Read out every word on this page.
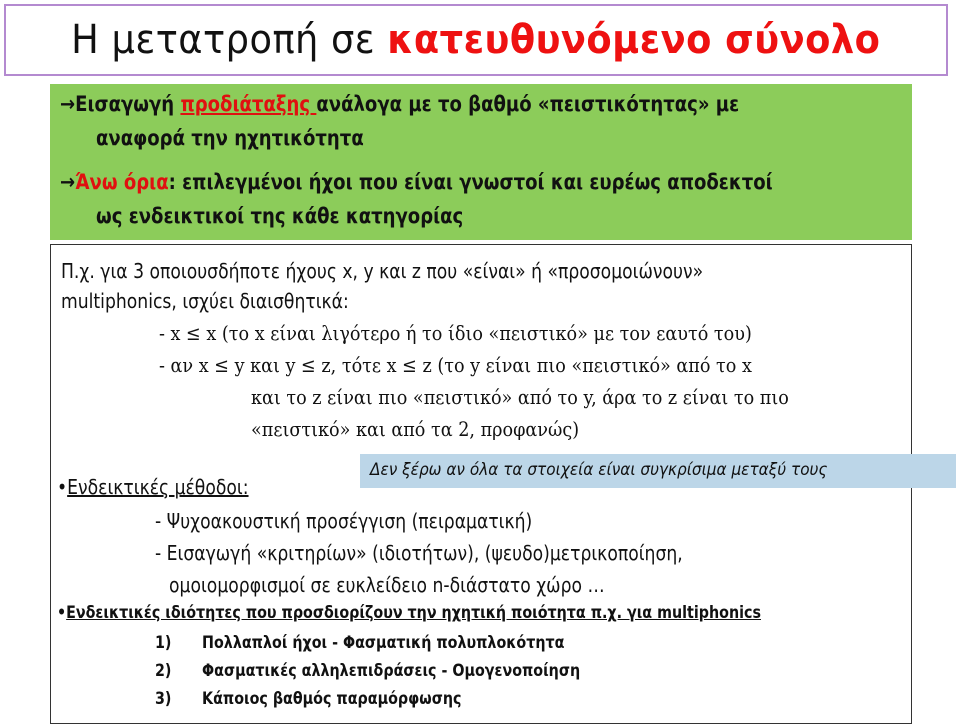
Η μετατροπή σε κατευθυνόμενο σύνολο
→Εισαγωγή προδιάταξης ανάλογα με το βαθμό «πειστικότητας» με
αναφορά την ηχητικότητα
→Άνω όρια: επιλεγμένοι ήχοι που είναι γνωστοί και ευρέως αποδεκτοί
ως ενδεικτικοί της κάθε κατηγορίας
Π.χ. για 3 οποιουσδήποτε ήχους x, y και z που «είναι» ή «προσομοιώνουν»
multiphonics, ισχύει διαισθητικά:
- x ≤ x (το x είναι λιγότερο ή το ίδιο «πειστικό» με τον εαυτό του)
- αν x ≤ y και y ≤ z, τότε x ≤ z (το y είναι πιο «πειστικό» από το x
και το z είναι πιο «πειστικό» από το y, άρα το z είναι το πιο
«πειστικό» και από τα 2, προφανώς)
•Ενδεικτικές μέθοδοι:
- Ψυχοακουστική προσέγγιση (πειραματική)
- Εισαγωγή «κριτηρίων» (ιδιοτήτων), (ψευδο)μετρικοποίηση,
ομοιομορφισμοί σε ευκλείδειο n-διάστατο χώρο …
•Ενδεικτικές ιδιότητες που προσδιορίζουν την ηχητική ποιότητα π.χ. για multiphonics
1) Πολλαπλοί ήχοι - Φασματική πολυπλοκότητα
2) Φασματικές αλληλεπιδράσεις - Ομογενοποίηση
3) Κάποιος βαθμός παραμόρφωσης
Δεν ξέρω αν όλα τα στοιχεία είναι συγκρίσιμα μεταξύ τους
